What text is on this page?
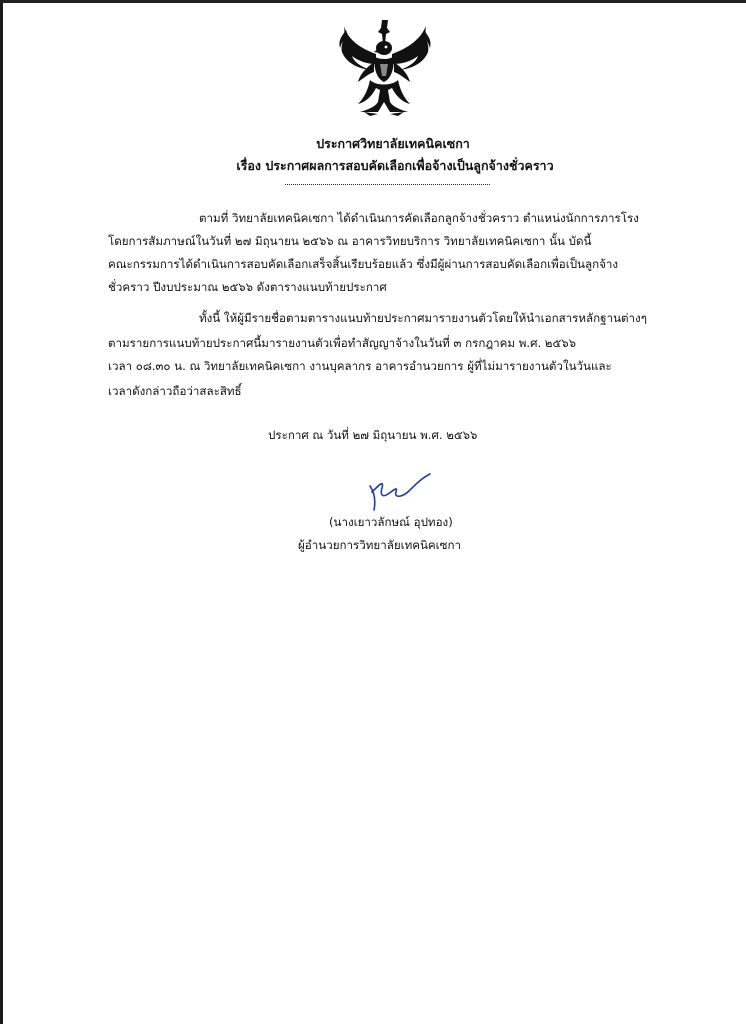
ประกาศวิทยาลัยเทคนิคเซกา
เรื่อง ประกาศผลการสอบคัดเลือกเพื่อจ้างเป็นลูกจ้างชั่วคราว
ตามที่ วิทยาลัยเทคนิคเซกา ได้ดำเนินการคัดเลือกลูกจ้างชั่วคราว ตำแหน่งนักการภารโรง
โดยการสัมภาษณ์ในวันที่ ๒๗ มิถุนายน ๒๕๖๖ ณ อาคารวิทยบริการ วิทยาลัยเทคนิคเซกา นั้น บัดนี้
คณะกรรมการได้ดำเนินการสอบคัดเลือกเสร็จสิ้นเรียบร้อยแล้ว ซึ่งมีผู้ผ่านการสอบคัดเลือกเพื่อเป็นลูกจ้าง
ชั่วคราว ปีงบประมาณ ๒๕๖๖ ดังตารางแนบท้ายประกาศ
ทั้งนี้ ให้ผู้มีรายชื่อตามตารางแนบท้ายประกาศมารายงานตัวโดยให้นำเอกสารหลักฐานต่างๆ
ตามรายการแนบท้ายประกาศนี้มารายงานตัวเพื่อทำสัญญาจ้างในวันที่ ๓ กรกฎาคม พ.ศ. ๒๕๖๖
เวลา ๐๘.๓๐ น. ณ วิทยาลัยเทคนิคเซกา งานบุคลากร อาคารอำนวยการ ผู้ที่ไม่มารายงานตัวในวันและ
เวลาดังกล่าวถือว่าสละสิทธิ์
ประกาศ ณ วันที่ ๒๗ มิถุนายน พ.ศ. ๒๕๖๖
(นางเยาวลักษณ์ อุปทอง)
ผู้อำนวยการวิทยาลัยเทคนิคเซกา
